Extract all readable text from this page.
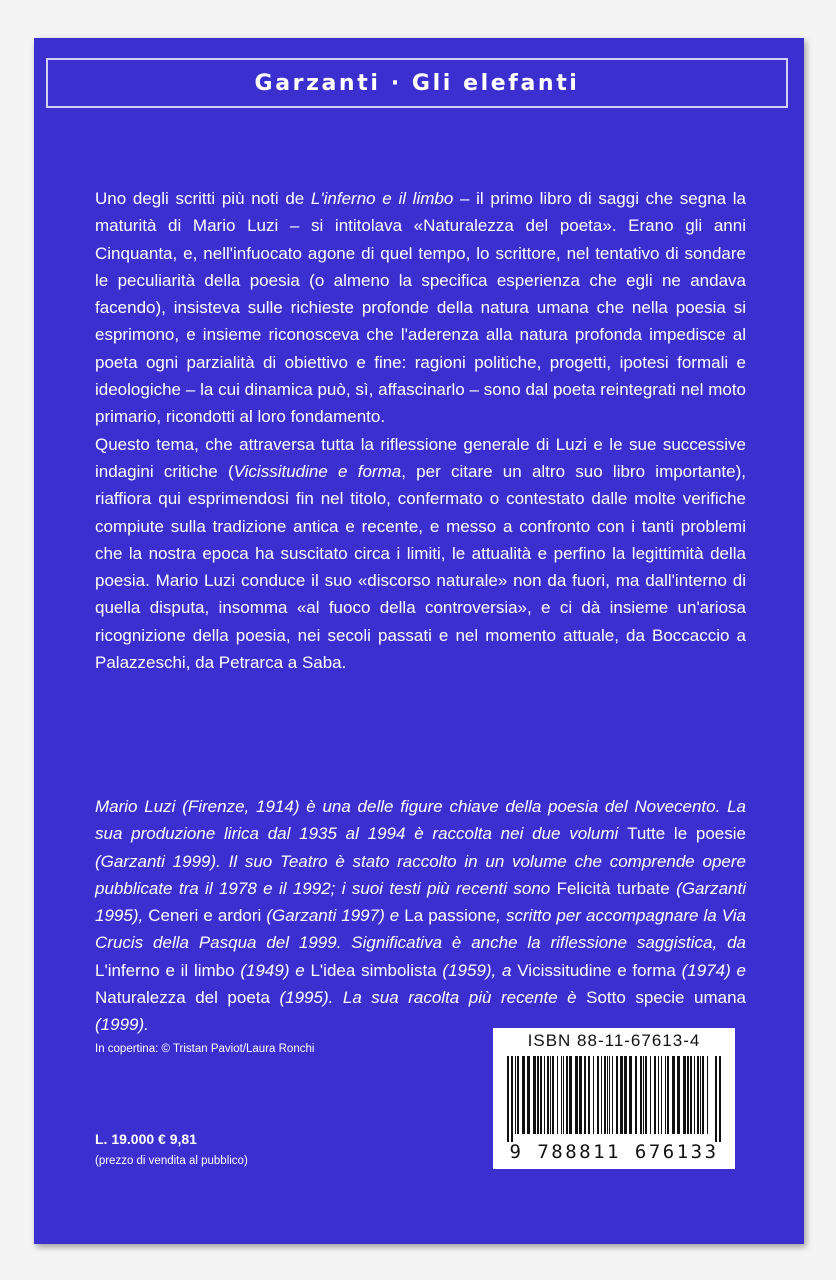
Garzanti · Gli elefanti

Uno degli scritti più noti de L'inferno e il limbo – il primo libro di saggi che segna la maturità di Mario Luzi – si intitolava «Naturalezza del poeta». Erano gli anni Cinquanta, e, nell'infuocato agone di quel tempo, lo scrittore, nel tentativo di sondare le peculiarità della poesia (o almeno la specifica esperienza che egli ne andava facendo), insisteva sulle richieste profonde della natura umana che nella poesia si esprimono, e insieme riconosceva che l'aderenza alla natura profonda impedisce al poeta ogni parzialità di obiettivo e fine: ragioni politiche, progetti, ipotesi formali e ideologiche – la cui dinamica può, sì, affascinarlo – sono dal poeta reintegrati nel moto primario, ricondotti al loro fondamento.

Questo tema, che attraversa tutta la riflessione generale di Luzi e le sue successive indagini critiche (Vicissitudine e forma, per citare un altro suo libro importante), riaffiora qui esprimendosi fin nel titolo, confermato o contestato dalle molte verifiche compiute sulla tradizione antica e recente, e messo a confronto con i tanti problemi che la nostra epoca ha suscitato circa i limiti, le attualità e perfino la legittimità della poesia. Mario Luzi conduce il suo «discorso naturale» non da fuori, ma dall'interno di quella disputa, insomma «al fuoco della controversia», e ci dà insieme un'ariosa ricognizione della poesia, nei secoli passati e nel momento attuale, da Boccaccio a Palazzeschi, da Petrarca a Saba.

Mario Luzi (Firenze, 1914) è una delle figure chiave della poesia del Novecento. La sua produzione lirica dal 1935 al 1994 è raccolta nei due volumi Tutte le poesie (Garzanti 1999). Il suo Teatro è stato raccolto in un volume che comprende opere pubblicate tra il 1978 e il 1992; i suoi testi più recenti sono Felicità turbate (Garzanti 1995), Ceneri e ardori (Garzanti 1997) e La passione, scritto per accompagnare la Via Crucis della Pasqua del 1999. Significativa è anche la riflessione saggistica, da L'inferno e il limbo (1949) e L'idea simbolista (1959), a Vicissitudine e forma (1974) e Naturalezza del poeta (1995). La sua racolta più recente è Sotto specie umana (1999).

In copertina: © Tristan Paviot/Laura Ronchi
L. 19.000 € 9,81
(prezzo di vendita al pubblico)
ISBN 88-11-67613-4
9 788811 676133
